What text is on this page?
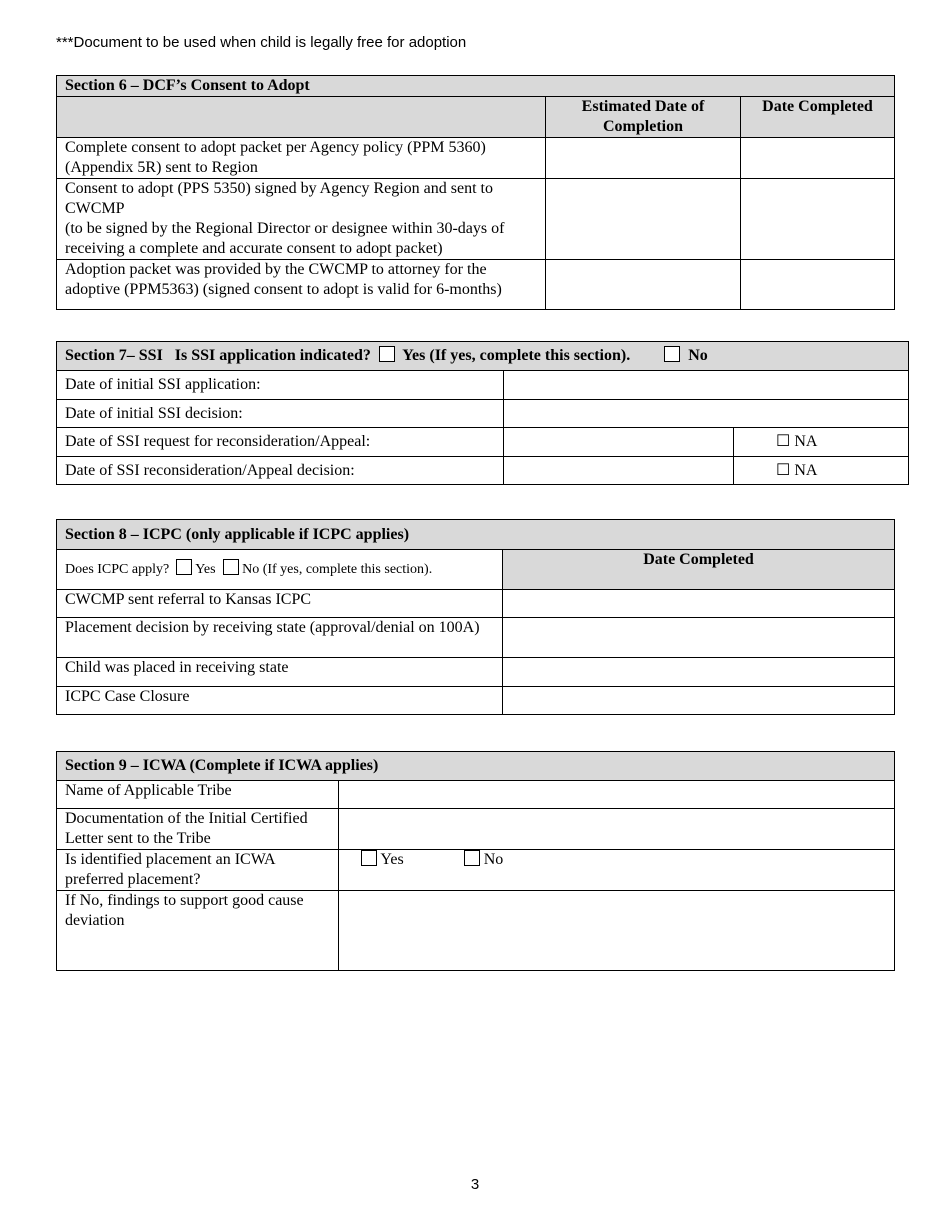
***Document to be used when child is legally free for adoption
Section 6 – DCF’s Consent to Adopt		
	Estimated Date of Completion	Date Completed

Complete consent to adopt packet per Agency policy (PPM 5360)
(Appendix 5R) sent to Region		

Consent to adopt (PPS 5350) signed by Agency Region and sent to CWCMP
(to be signed by the Regional Director or designee within 30-days of receiving a complete and accurate consent to adopt packet)		

Adoption packet was provided by the CWCMP to attorney for the adoptive (PPM5363) (signed consent to adopt is valid for 6-months)		

Section 7– SSI Is SSI application indicated? Yes (If yes, complete this section). No		
Date of initial SSI application:		
Date of initial SSI decision:		
Date of SSI request for reconsideration/Appeal:		☐ NA
Date of SSI reconsideration/Appeal decision:		☐ NA
Section 8 – ICPC (only applicable if ICPC applies)	
Does ICPC apply? Yes No (If yes, complete this section).	Date Completed
CWCMP sent referral to Kansas ICPC	
Placement decision by receiving state (approval/denial on 100A)	
Child was placed in receiving state	
ICPC Case Closure	
Section 9 – ICWA (Complete if ICWA applies)	
Name of Applicable Tribe	
Documentation of the Initial Certified Letter sent to the Tribe	
Is identified placement an ICWA preferred placement?	Yes No
If No, findings to support good cause deviation	
3
